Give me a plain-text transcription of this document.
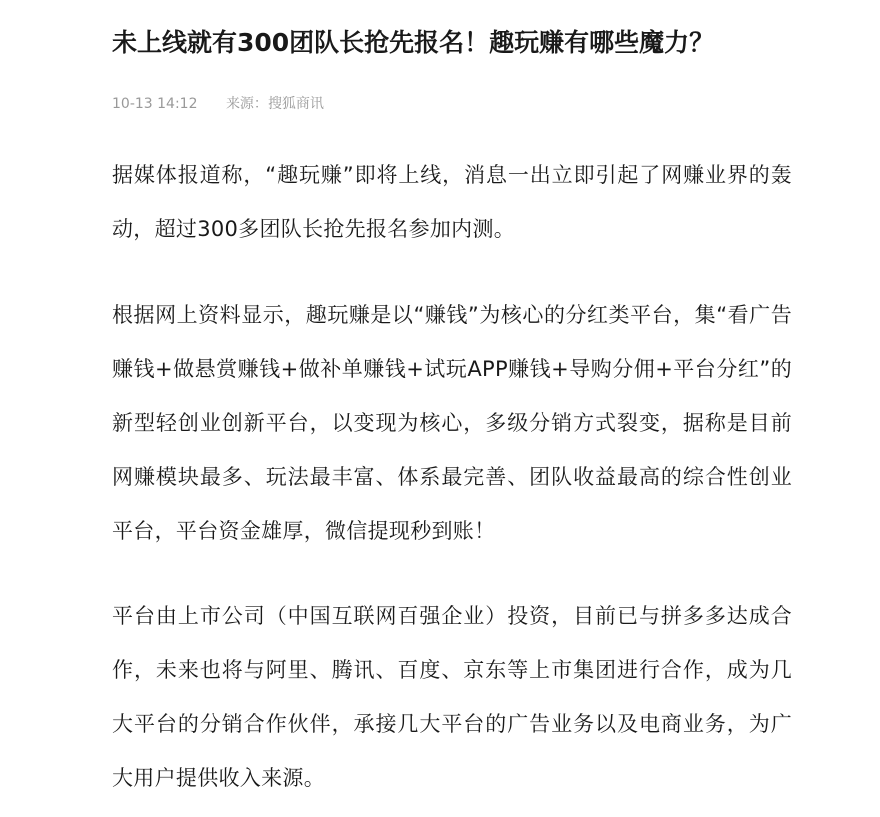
未上线就有300团队长抢先报名！趣玩赚有哪些魔力？
10-13 14:12 来源：搜狐商讯

据媒体报道称，“趣玩赚”即将上线，消息一出立即引起了网赚业界的轰动，超过300多团队长抢先报名参加内测。

根据网上资料显示，趣玩赚是以“赚钱”为核心的分红类平台，集“看广告赚钱+做悬赏赚钱+做补单赚钱+试玩APP赚钱+导购分佣+平台分红”的新型轻创业创新平台，以变现为核心，多级分销方式裂变，据称是目前网赚模块最多、玩法最丰富、体系最完善、团队收益最高的综合性创业平台，平台资金雄厚，微信提现秒到账！

平台由上市公司（中国互联网百强企业）投资，目前已与拼多多达成合作，未来也将与阿里、腾讯、百度、京东等上市集团进行合作，成为几大平台的分销合作伙伴，承接几大平台的广告业务以及电商业务，为广大用户提供收入来源。
